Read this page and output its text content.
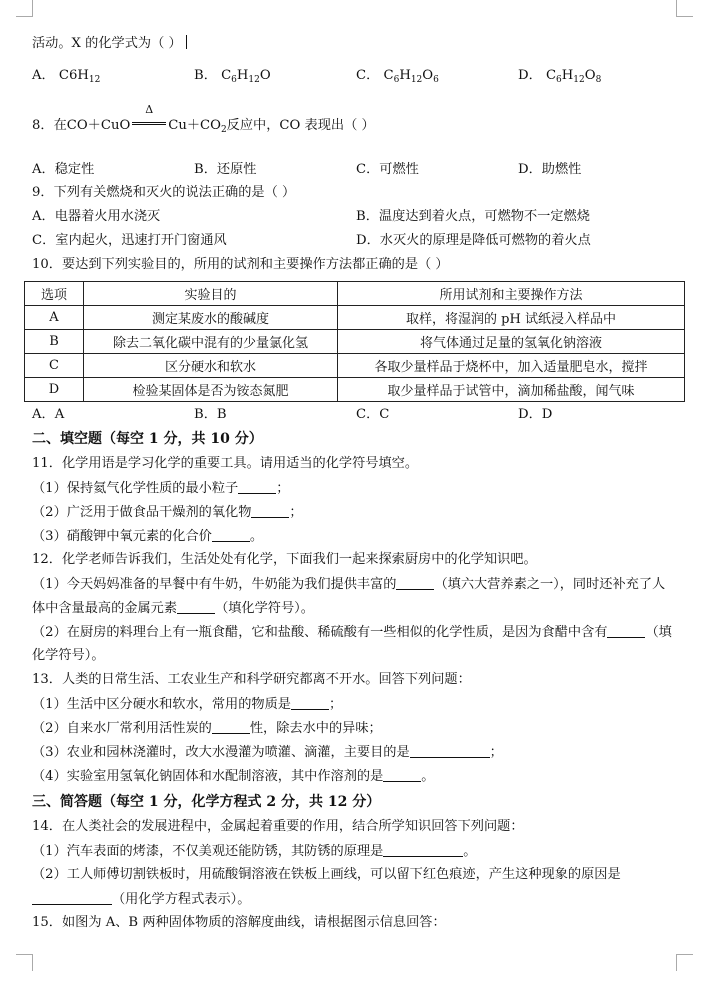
活动。X 的化学式为（ ）
A． $C6H_{12}$	B． $C_6H_{12}O$	C． $C_6H_{12}O_6$	D． $C_6H_{12}O_8$
8．在CO＋CuO
Δ
$Cu+CO_2$反应中，CO 表现出（ ）
A．稳定性	B．还原性	C．可燃性	D．助燃性
9．下列有关燃烧和灭火的说法正确的是（ ）
A．电器着火用水浇灭	B．温度达到着火点，可燃物不一定燃烧
C．室内起火，迅速打开门窗通风	D．水灭火的原理是降低可燃物的着火点
10．要达到下列实验目的，所用的试剂和主要操作方法都正确的是（ ）
选项	实验目的	所用试剂和主要操作方法
A	测定某废水的酸碱度	取样，将湿润的 pH 试纸浸入样品中
B	除去二氧化碳中混有的少量氯化氢	将气体通过足量的氢氧化钠溶液
C	区分硬水和软水	各取少量样品于烧杯中，加入适量肥皂水，搅拌
D	检验某固体是否为铵态氮肥	取少量样品于试管中，滴加稀盐酸，闻气味
A．A	B．B	C．C	D．D
二、填空题（每空 1 分，共 10 分）
11．化学用语是学习化学的重要工具。请用适当的化学符号填空。
（1）保持氦气化学性质的最小粒子	；
（2）广泛用于做食品干燥剂的氧化物	；
（3）硝酸钾中氧元素的化合价	。
12．化学老师告诉我们，生活处处有化学，下面我们一起来探索厨房中的化学知识吧。
（1）今天妈妈准备的早餐中有牛奶，牛奶能为我们提供丰富的	（填六大营养素之一），同时还补充了人
体中含量最高的金属元素	（填化学符号）。
（2）在厨房的料理台上有一瓶食醋，它和盐酸、稀硫酸有一些相似的化学性质，是因为食醋中含有	（填
化学符号）。
13．人类的日常生活、工农业生产和科学研究都离不开水。回答下列问题：
（1）生活中区分硬水和软水，常用的物质是	；
（2）自来水厂常利用活性炭的	性，除去水中的异味；
（3）农业和园林浇灌时，改大水漫灌为喷灌、滴灌，主要目的是	；
（4）实验室用氢氧化钠固体和水配制溶液，其中作溶剂的是	。
三、简答题（每空 1 分，化学方程式 2 分，共 12 分）
14．在人类社会的发展进程中，金属起着重要的作用，结合所学知识回答下列问题：
（1）汽车表面的烤漆，不仅美观还能防锈，其防锈的原理是	。
（2）工人师傅切割铁板时，用硫酸铜溶液在铁板上画线，可以留下红色痕迹，产生这种现象的原因是
（用化学方程式表示）。
15．如图为 A、B 两种固体物质的溶解度曲线，请根据图示信息回答：
